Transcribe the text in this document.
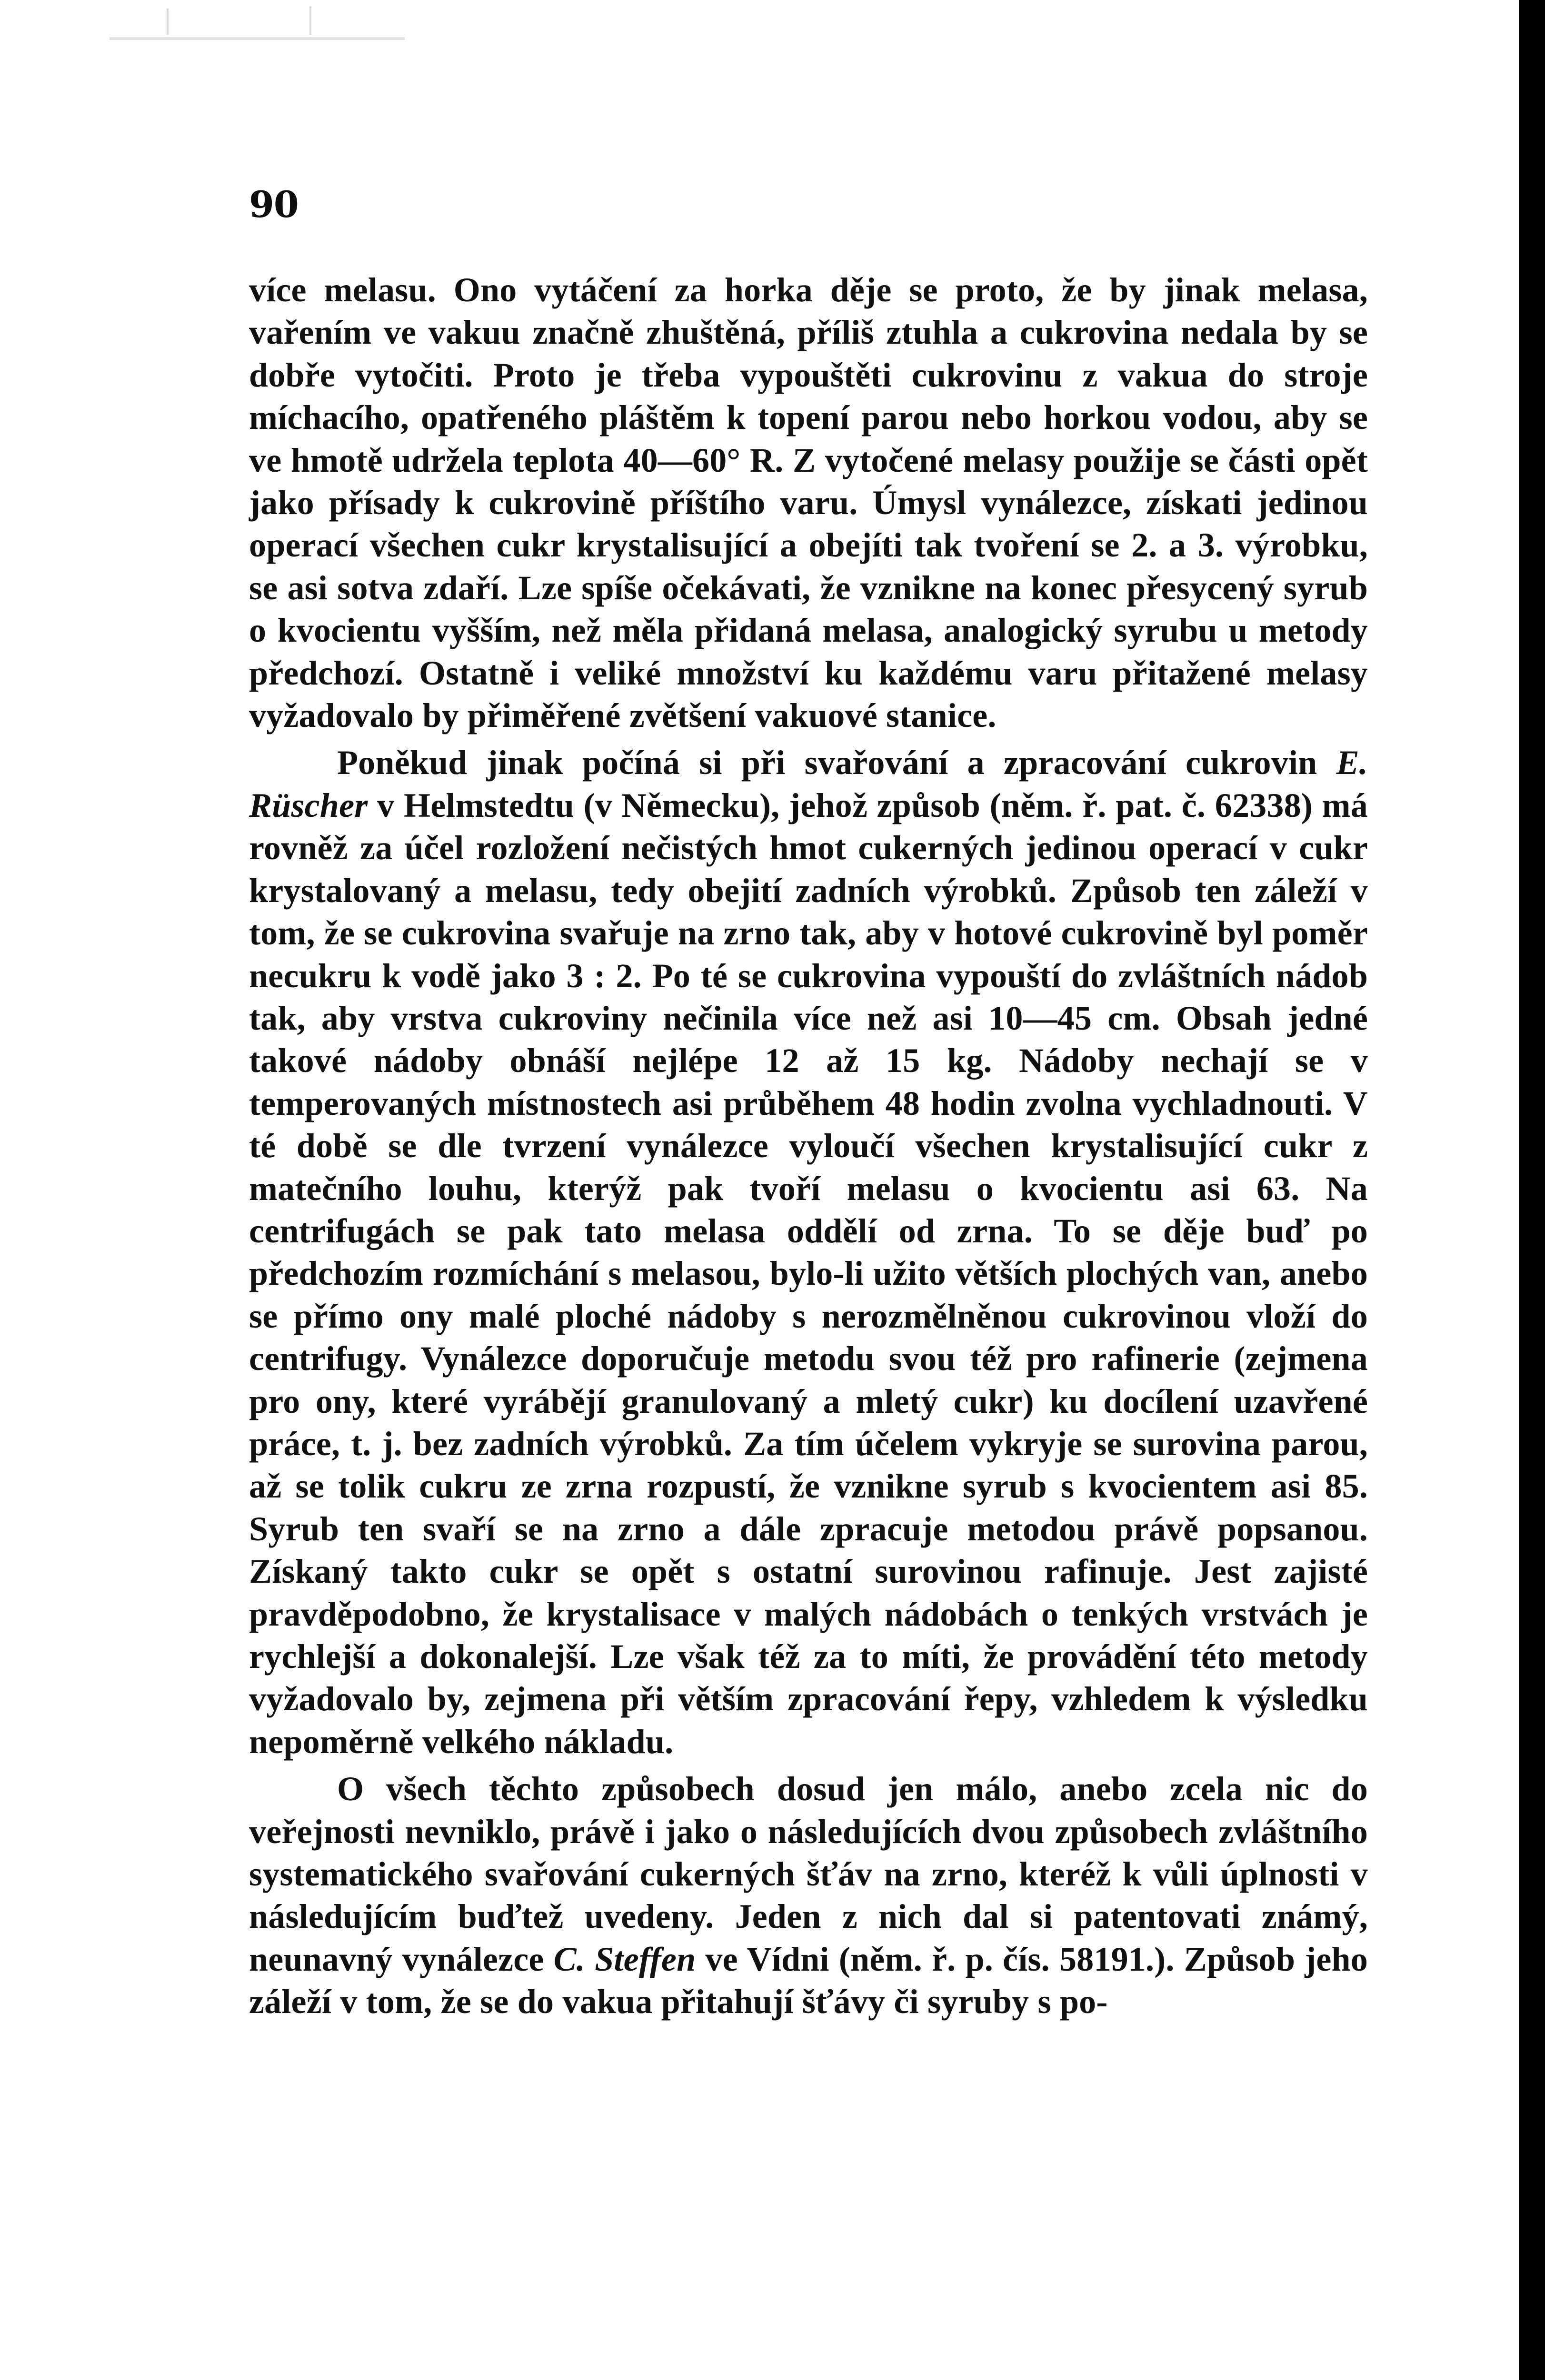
90

více melasu. Ono vytáčení za horka děje se proto, že by jinak melasa, vařením ve vakuu značně zhuštěná, příliš ztuhla a cukrovina nedala by se dobře vytočiti. Proto je třeba vypouštěti cukrovinu z vakua do stroje míchacího, opatřeného pláštěm k topení parou nebo horkou vodou, aby se ve hmotě udržela teplota 40—60° R. Z vytočené melasy použije se části opět jako přísady k cukrovině příštího varu. Úmysl vynálezce, získati jedinou operací všechen cukr krystalisující a obejíti tak tvoření se 2. a 3. výrobku, se asi sotva zdaří. Lze spíše očekávati, že vznikne na konec přesycený syrub o kvocientu vyšším, než měla přidaná melasa, analogický syrubu u metody předchozí. Ostatně i veliké množství ku každému varu přitažené melasy vyžadovalo by přiměřené zvětšení vakuové stanice.

Poněkud jinak počíná si při svařování a zpracování cukrovin E. Rüscher v Helmstedtu (v Německu), jehož způsob (něm. ř. pat. č. 62338) má rovněž za účel rozložení nečistých hmot cukerných jedinou operací v cukr krystalovaný a melasu, tedy obejití zadních výrobků. Způsob ten záleží v tom, že se cukrovina svařuje na zrno tak, aby v hotové cukrovině byl poměr necukru k vodě jako 3 : 2. Po té se cukrovina vypouští do zvláštních nádob tak, aby vrstva cukroviny nečinila více než asi 10—45 cm. Obsah jedné takové nádoby obnáší nejlépe 12 až 15 kg. Nádoby nechají se v temperovaných místnostech asi průběhem 48 hodin zvolna vychladnouti. V té době se dle tvrzení vynálezce vyloučí všechen krystalisující cukr z matečního louhu, kterýž pak tvoří melasu o kvocientu asi 63. Na centrifugách se pak tato melasa oddělí od zrna. To se děje buď po předchozím rozmíchání s melasou, bylo-li užito větších plochých van, anebo se přímo ony malé ploché nádoby s nerozmělněnou cukrovinou vloží do centrifugy. Vynálezce doporučuje metodu svou též pro rafinerie (zejmena pro ony, které vyrábějí granulovaný a mletý cukr) ku docílení uzavřené práce, t. j. bez zadních výrobků. Za tím účelem vykryje se surovina parou, až se tolik cukru ze zrna rozpustí, že vznikne syrub s kvocientem asi 85. Syrub ten svaří se na zrno a dále zpracuje metodou právě popsanou. Získaný takto cukr se opět s ostatní surovinou rafinuje. Jest zajisté pravděpodobno, že krystalisace v malých nádobách o tenkých vrstvách je rychlejší a dokonalejší. Lze však též za to míti, že provádění této metody vyžadovalo by, zejmena při větším zpracování řepy, vzhledem k výsledku nepoměrně velkého nákladu.

O všech těchto způsobech dosud jen málo, anebo zcela nic do veřejnosti nevniklo, právě i jako o následujících dvou způsobech zvláštního systematického svařování cukerných šťáv na zrno, kteréž k vůli úplnosti v následujícím buďtež uvedeny. Jeden z nich dal si patentovati známý, neunavný vynálezce C. Steffen ve Vídni (něm. ř. p. čís. 58191.). Způsob jeho záleží v tom, že se do vakua přitahují šťávy či syruby s po-
